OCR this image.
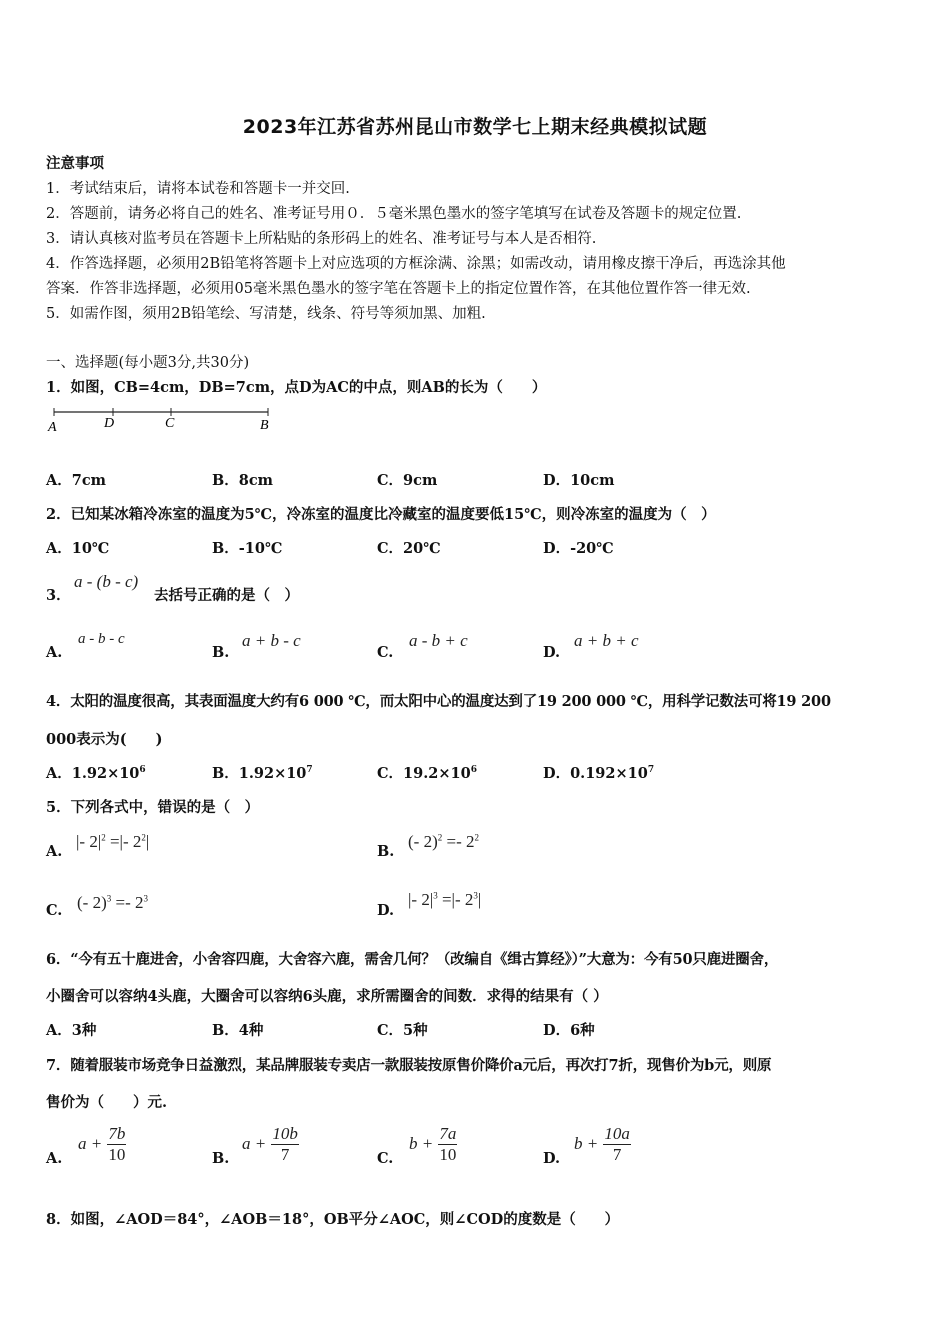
2023年江苏省苏州昆山市数学七上期末经典模拟试题
注意事项
1．考试结束后，请将本试卷和答题卡一并交回.
2．答题前，请务必将自己的姓名、准考证号用０．５毫米黑色墨水的签字笔填写在试卷及答题卡的规定位置.
3．请认真核对监考员在答题卡上所粘贴的条形码上的姓名、准考证号与本人是否相符.
4．作答选择题，必须用2B铅笔将答题卡上对应选项的方框涂满、涂黑；如需改动，请用橡皮擦干净后，再选涂其他
答案．作答非选择题，必须用05毫米黑色墨水的签字笔在答题卡上的指定位置作答，在其他位置作答一律无效.
5．如需作图，须用2B铅笔绘、写清楚，线条、符号等须加黑、加粗.
一、选择题(每小题3分,共30分)
1．如图，CB=4cm，DB=7cm，点D为AC的中点，则AB的长为（　　）
A	D	C	B
A．7cm	B．8cm	C．9cm	D．10cm
2．已知某冰箱冷冻室的温度为5℃，冷冻室的温度比冷藏室的温度要低15℃，则冷冻室的温度为（　）
A．10℃	B．-10℃	C．20℃	D．-20℃
3．
a - (b - c)
去括号正确的是（　）
A.
a - b - c
B.
a + b - c
C.
a - b + c
D.
a + b + c
4．太阳的温度很高，其表面温度大约有6 000 ℃，而太阳中心的温度达到了19 200 000 ℃，用科学记数法可将19 200
000表示为(　　)
A．$1.92\times 10^6$	B．$1.92\times 10^7$	C．$19.2\times 10^6$	D．$0.192\times 10^7$
5．下列各式中，错误的是（　）
A.
|- $2|^2$ =|- $2^2|$
B.
(- $2)^2 =- 2^2$
C. (- $2)^3 =- 2^3$
D.
|- $2|^3$ =|- $2^3|$
6．“今有五十鹿进舍，小舍容四鹿，大舍容六鹿，需舍几何？（改编自《缉古算经》）”大意为：今有50只鹿进圈舍，
小圈舍可以容纳4头鹿，大圈舍可以容纳6头鹿，求所需圈舍的间数．求得的结果有（ ）
A．3种	B．4种	C．5种	D．6种
7．随着服装市场竞争日益激烈，某品牌服装专卖店一款服装按原售价降价a元后，再次打7折，现售价为b元，则原
售价为（　　）元.
A.
$a + \frac{7b}{10}$	B.
$a + \frac{10b}{7}$	C.
$b + \frac{7a}{10}$	D.
$b + \frac{10a}{7}$
8．如图，∠AOD＝84°，∠AOB＝18°，OB平分∠AOC，则∠COD的度数是（　　）
